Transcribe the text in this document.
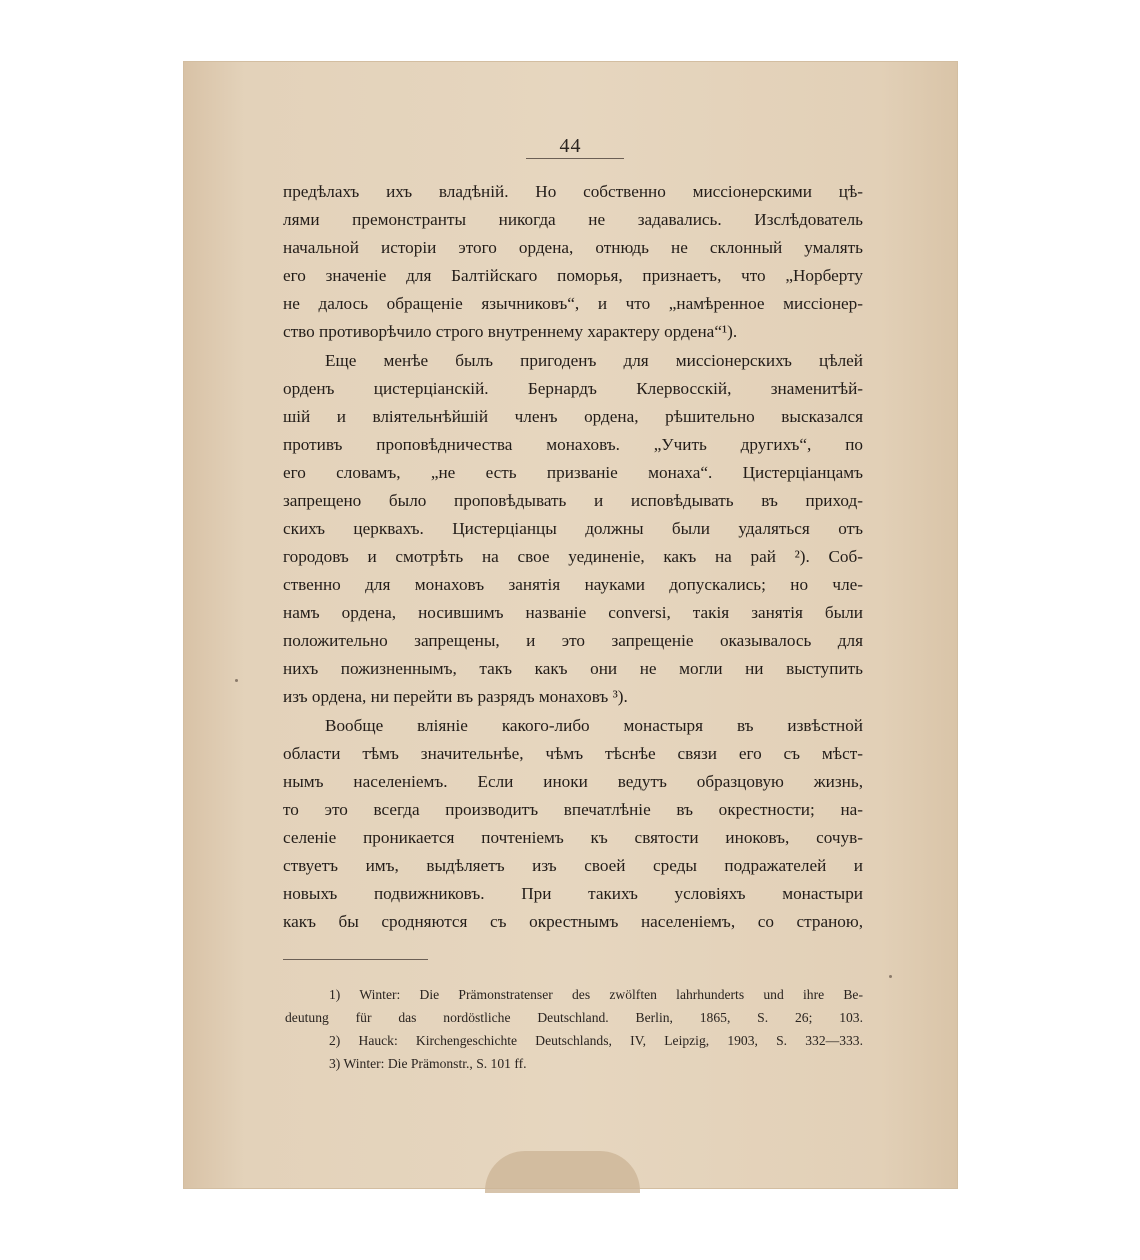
44
предѣлахъ ихъ владѣній. Но собственно миссіонерскими цѣ-
лями премонстранты никогда не задавались. Изслѣдователь
начальной исторіи этого ордена, отнюдь не склонный умалять
его значеніе для Балтійскаго поморья, признаетъ, что „Норберту
не далось обращеніе язычниковъ“, и что „намѣренное миссіонер-
ство противорѣчило строго внутреннему характеру ордена“¹).
Еще менѣе былъ пригоденъ для миссіонерскихъ цѣлей
орденъ цистерціанскій. Бернардъ Клервосскій, знаменитѣй-
шій и вліятельнѣйшій членъ ордена, рѣшительно высказался
противъ проповѣдничества монаховъ. „Учить другихъ“, по
его словамъ, „не есть призваніе монаха“. Цистерціанцамъ
запрещено было проповѣдывать и исповѣдывать въ приход-
скихъ церквахъ. Цистерціанцы должны были удаляться отъ
городовъ и смотрѣть на свое уединеніе, какъ на рай ²). Соб-
ственно для монаховъ занятія науками допускались; но чле-
намъ ордена, носившимъ названіе conversi, такія занятія были
положительно запрещены, и это запрещеніе оказывалось для
нихъ пожизненнымъ, такъ какъ они не могли ни выступить
изъ ордена, ни перейти въ разрядъ монаховъ ³).
Вообще вліяніе какого-либо монастыря въ извѣстной
области тѣмъ значительнѣе, чѣмъ тѣснѣе связи его съ мѣст-
нымъ населеніемъ. Если иноки ведутъ образцовую жизнь,
то это всегда производитъ впечатлѣніе въ окрестности; на-
селеніе проникается почтеніемъ къ святости иноковъ, сочув-
ствуетъ имъ, выдѣляетъ изъ своей среды подражателей и
новыхъ подвижниковъ. При такихъ условіяхъ монастыри
какъ бы сродняются съ окрестнымъ населеніемъ, со страною,
1) Winter: Die Prämonstratenser des zwölften lahrhunderts und ihre Be-
deutung für das nordöstliche Deutschland. Berlin, 1865, S. 26; 103.
2) Hauck: Kirchengeschichte Deutschlands, IV, Leipzig, 1903, S. 332—333.
3) Winter: Die Prämonstr., S. 101 ff.
